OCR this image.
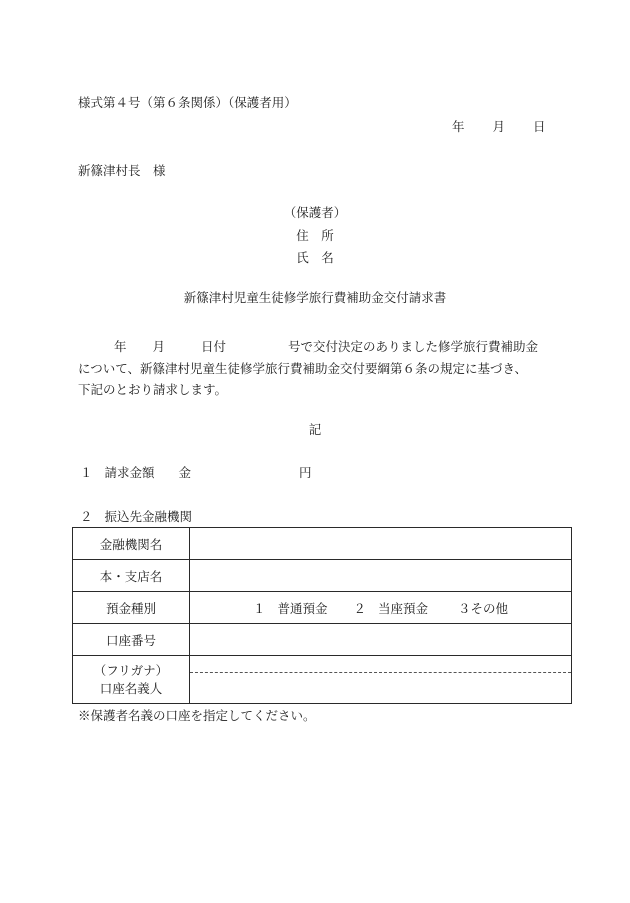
様式第４号（第６条関係）（保護者用）
年 月 日
新篠津村長　様
（保護者）
住　所
氏　名
新篠津村児童生徒修学旅行費補助金交付請求書
年 月	日付	号で交付決定のありました修学旅行費補助金
について、新篠津村児童生徒修学旅行費補助金交付要綱第６条の規定に基づき、
下記のとおり請求します。
記
１ 請求金額 金	円
２ 振込先金融機関
金融機関名	
本・支店名	
預金種別	１ 普通預金 ２ 当座預金 ３その他
口座番号	

（フリガナ）
口座名義人	

※保護者名義の口座を指定してください。
